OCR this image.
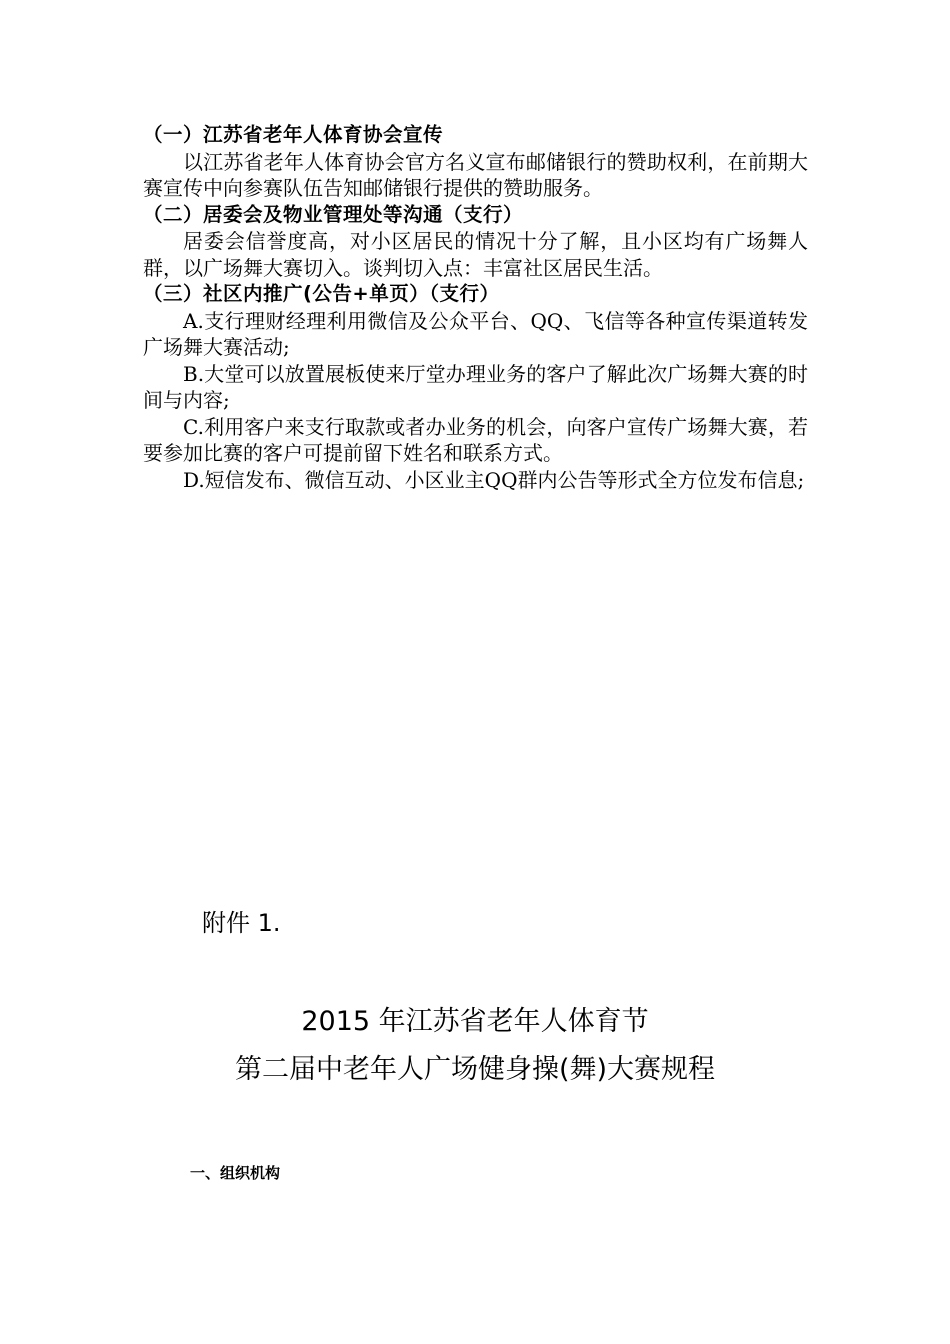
（一）江苏省老年人体育协会宣传

以江苏省老年人体育协会官方名义宣布邮储银行的赞助权利，在前期大赛宣传中向参赛队伍告知邮储银行提供的赞助服务。

（二）居委会及物业管理处等沟通（支行）

居委会信誉度高，对小区居民的情况十分了解，且小区均有广场舞人群，以广场舞大赛切入。谈判切入点：丰富社区居民生活。

（三）社区内推广(公告+单页）（支行）

A.支行理财经理利用微信及公众平台、QQ、飞信等各种宣传渠道转发广场舞大赛活动;

B.大堂可以放置展板使来厅堂办理业务的客户了解此次广场舞大赛的时间与内容;

C.利用客户来支行取款或者办业务的机会，向客户宣传广场舞大赛，若要参加比赛的客户可提前留下姓名和联系方式。

D.短信发布、微信互动、小区业主QQ群内公告等形式全方位发布信息;

附件 1.
2015 年江苏省老年人体育节
第二届中老年人广场健身操(舞)大赛规程
一、组织机构
